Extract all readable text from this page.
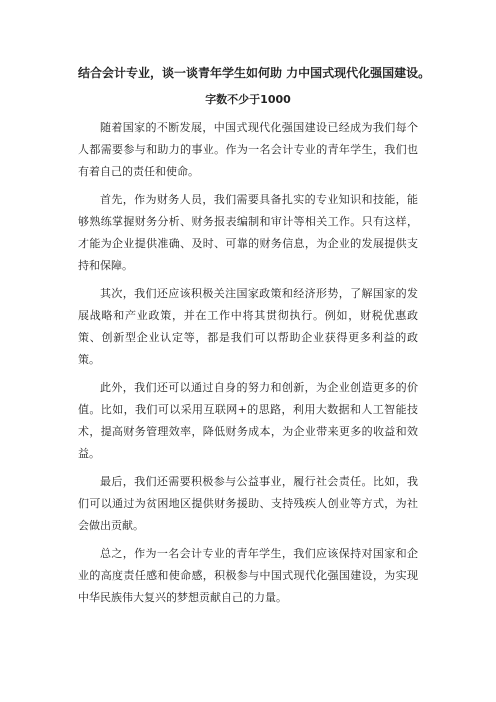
结合会计专业，谈一谈青年学生如何助 力中国式现代化强国建设。
字数不少于1000

随着国家的不断发展，中国式现代化强国建设已经成为我们每个人都需要参与和助力的事业。作为一名会计专业的青年学生，我们也有着自己的责任和使命。

首先，作为财务人员，我们需要具备扎实的专业知识和技能，能够熟练掌握财务分析、财务报表编制和审计等相关工作。只有这样，才能为企业提供准确、及时、可靠的财务信息，为企业的发展提供支持和保障。

其次，我们还应该积极关注国家政策和经济形势，了解国家的发展战略和产业政策，并在工作中将其贯彻执行。例如，财税优惠政策、创新型企业认定等，都是我们可以帮助企业获得更多利益的政策。

此外，我们还可以通过自身的努力和创新，为企业创造更多的价值。比如，我们可以采用互联网+的思路，利用大数据和人工智能技术，提高财务管理效率，降低财务成本，为企业带来更多的收益和效益。

最后，我们还需要积极参与公益事业，履行社会责任。比如，我们可以通过为贫困地区提供财务援助、支持残疾人创业等方式，为社会做出贡献。

总之，作为一名会计专业的青年学生，我们应该保持对国家和企业的高度责任感和使命感，积极参与中国式现代化强国建设，为实现中华民族伟大复兴的梦想贡献自己的力量。
